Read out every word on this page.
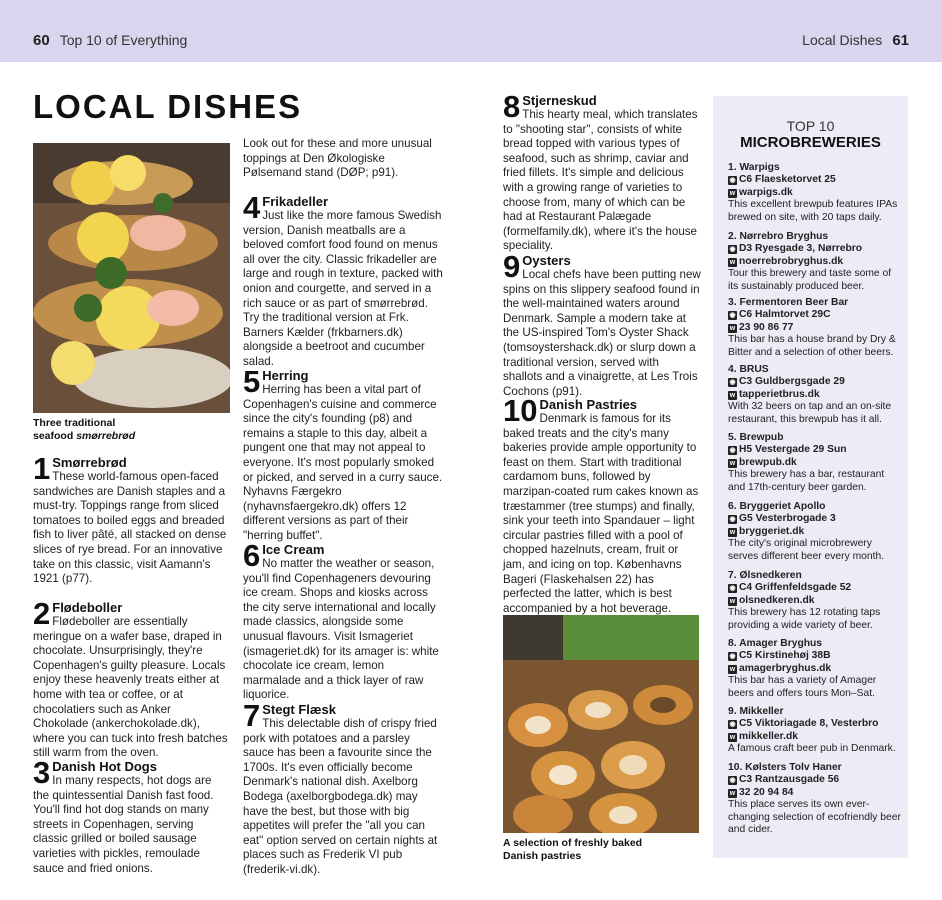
60 Top 10 of Everything	Local Dishes 61
LOCAL DISHES
Three traditional
seafood smørrebrød
1 Smørrebrød
These world-famous open-faced sandwiches are Danish staples and a must-try. Toppings range from sliced tomatoes to boiled eggs and breaded fish to liver pâté, all stacked on dense slices of rye bread. For an innovative take on this classic, visit Aamann's 1921 (p77).
2 Flødeboller
Flødeboller are essentially meringue on a wafer base, draped in chocolate. Unsurprisingly, they're Copenhagen's guilty pleasure. Locals enjoy these heavenly treats either at home with tea or coffee, or at chocolatiers such as Anker Chokolade (ankerchokolade.dk), where you can tuck into fresh batches still warm from the oven.
3 Danish Hot Dogs
In many respects, hot dogs are the quintessential Danish fast food. You'll find hot dog stands on many streets in Copenhagen, serving classic grilled or boiled sausage varieties with pickles, remoulade sauce and fried onions.
Look out for these and more unusual toppings at Den Økologiske Pølsemand stand (DØP; p91).
4 Frikadeller
Just like the more famous Swedish version, Danish meatballs are a beloved comfort food found on menus all over the city. Classic frikadeller are large and rough in texture, packed with onion and courgette, and served in a rich sauce or as part of smørrebrød. Try the traditional version at Frk. Barners Kælder (frkbarners.dk) alongside a beetroot and cucumber salad.
5 Herring
Herring has been a vital part of Copenhagen's cuisine and commerce since the city's founding (p8) and remains a staple to this day, albeit a pungent one that may not appeal to everyone. It's most popularly smoked or picked, and served in a curry sauce. Nyhavns Færgekro (nyhavnsfaergekro.dk) offers 12 different versions as part of their "herring buffet".
6 Ice Cream
No matter the weather or season, you'll find Copenhageners devouring ice cream. Shops and kiosks across the city serve international and locally made classics, alongside some unusual flavours. Visit Ismageriet (ismageriet.dk) for its amager is: white chocolate ice cream, lemon marmalade and a thick layer of raw liquorice.
7 Stegt Flæsk
This delectable dish of crispy fried pork with potatoes and a parsley sauce has been a favourite since the 1700s. It's even officially become Denmark's national dish. Axelborg Bodega (axelborgbodega.dk) may have the best, but those with big appetites will prefer the "all you can eat" option served on certain nights at places such as Frederik VI pub (frederik-vi.dk).
8 Stjerneskud
This hearty meal, which translates to "shooting star", consists of white bread topped with various types of seafood, such as shrimp, caviar and fried fillets. It's simple and delicious with a growing range of varieties to choose from, many of which can be had at Restaurant Palægade (formelfamily.dk), where it's the house speciality.
9 Oysters
Local chefs have been putting new spins on this slippery seafood found in the well-maintained waters around Denmark. Sample a modern take at the US-inspired Tom's Oyster Shack (tomsoystershack.dk) or slurp down a traditional version, served with shallots and a vinaigrette, at Les Trois Cochons (p91).
10 Danish Pastries
Denmark is famous for its baked treats and the city's many bakeries provide ample opportunity to feast on them. Start with traditional cardamom buns, followed by marzipan-coated rum cakes known as træstammer (tree stumps) and finally, sink your teeth into Spandauer – light circular pastries filled with a pool of chopped hazelnuts, cream, fruit or jam, and icing on top. Københavns Bageri (Flaskehalsen 22) has perfected the latter, which is best accompanied by a hot beverage.
A selection of freshly baked
Danish pastries
TOP 10
MICROBREWERIES
1. Warpigs
◉ C6 Flaesketorvet 25
w warpigs.dk
This excellent brewpub features IPAs brewed on site, with 20 taps daily.
2. Nørrebro Bryghus
◉ D3 Ryesgade 3, Nørrebro
w noerrebrobryghus.dk
Tour this brewery and taste some of its sustainably produced beer.
3. Fermentoren Beer Bar
◉ C6 Halmtorvet 29C
w 23 90 86 77
This bar has a house brand by Dry & Bitter and a selection of other beers.
4. BRUS
◉ C3 Guldbergsgade 29
w tapperietbrus.dk
With 32 beers on tap and an on-site restaurant, this brewpub has it all.
5. Brewpub
◉ H5 Vestergade 29 Sun
w brewpub.dk
This brewery has a bar, restaurant and 17th-century beer garden.
6. Bryggeriet Apollo
◉ G5 Vesterbrogade 3
w bryggeriet.dk
The city's original microbrewery serves different beer every month.
7. Ølsnedkeren
◉ C4 Griffenfeldsgade 52
w olsnedkeren.dk
This brewery has 12 rotating taps providing a wide variety of beer.
8. Amager Bryghus
◉ C5 Kirstinehøj 38B
w amagerbryghus.dk
This bar has a variety of Amager beers and offers tours Mon–Sat.
9. Mikkeller
◉ C5 Viktoriagade 8, Vesterbro
w mikkeller.dk
A famous craft beer pub in Denmark.
10. Kølsters Tolv Haner
◉ C3 Rantzausgade 56
w 32 20 94 84
This place serves its own ever-changing selection of ecofriendly beer and cider.
